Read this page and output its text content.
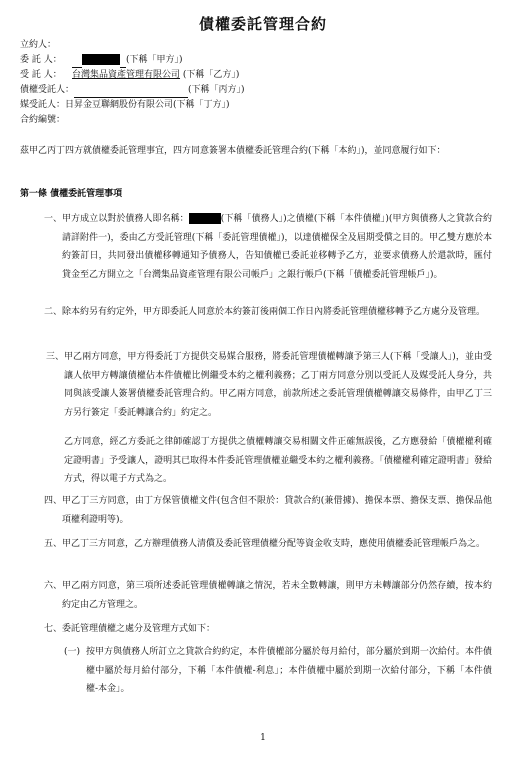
債權委託管理合約
立約人：
委 託 人：	(下稱「甲方」)
受 託 人： 台灣集品資產管理有限公司 (下稱「乙方」)
債權受託人：	(下稱「丙方」)
媒受託人：日昇金豆聯網股份有限公司(下稱「丁方」)
合約編號：
茲甲乙丙丁四方就債權委託管理事宜，四方同意簽署本債權委託管理合約(下稱「本約」)，並同意履行如下：
第一條 債權委託管理事項
一、 甲方成立以對於債務人即名稱：	(下稱「債務人」)之債權(下稱「本件債權」)(甲方與債務人之貸款合約請詳附件一)，委由乙方受託管理(下稱「委託管理債權」)，以達債權保全及屆期受償之目的。甲乙雙方應於本約簽訂日，共同發出債權移轉通知予債務人，告知債權已委託並移轉予乙方，並要求債務人於還款時，匯付貸金至乙方開立之「台灣集品資產管理有限公司帳戶」之銀行帳戶(下稱「債權委託管理帳戶」)。
二、 除本約另有約定外，甲方即委託人同意於本約簽訂後兩個工作日內將委託管理債權移轉予乙方處分及管理。
三、 甲乙兩方同意，甲方得委託丁方提供交易媒合服務，將委託管理債權轉讓予第三人(下稱「受讓人」)，並由受讓人依甲方轉讓債權佔本件債權比例繼受本約之權利義務；乙丁兩方同意分別以受託人及媒受託人身分，共同與該受讓人簽署債權委託管理合約。甲乙兩方同意，前款所述之委託管理債權轉讓交易條件，由甲乙丁三方另行簽定「委託轉讓合約」約定之。
乙方同意，經乙方委託之律師確認丁方提供之債權轉讓交易相關文件正確無誤後，乙方應發給「債權權利確定證明書」予受讓人，證明其已取得本件委託管理債權並繼受本約之權利義務。「債權權利確定證明書」發給方式，得以電子方式為之。
四、 甲乙丁三方同意，由丁方保管債權文件(包含但不限於：貸款合約(兼借據)、擔保本票、擔保支票、擔保品他項權利證明等)。
五、 甲乙丁三方同意，乙方辦理債務人清償及委託管理債權分配等資金收支時，應使用債權委託管理帳戶為之。
六、 甲乙兩方同意，第三項所述委託管理債權轉讓之情況，若未全數轉讓，則甲方未轉讓部分仍然存續，按本約約定由乙方管理之。
七、 委託管理債權之處分及管理方式如下：
(一) 按甲方與債務人所訂立之貸款合約約定，本件債權部分屬於每月給付，部分屬於到期一次給付。本件債權中屬於每月給付部分，下稱「本件債權-利息」；本件債權中屬於到期一次給付部分，下稱「本件債權-本金」。
1
